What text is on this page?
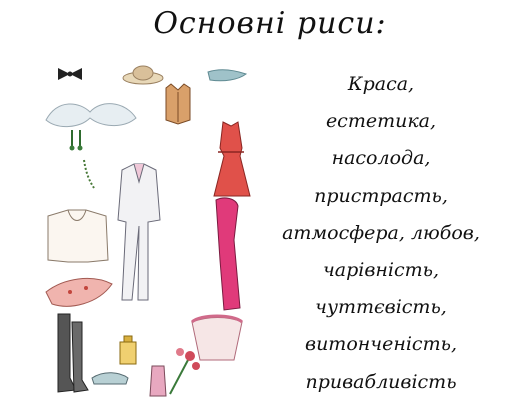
Основні риси:
Краса,
естетика,
насолода,
пристрасть,
атмосфера, любов,
чарівність,
чуттєвість,
витонченість,
привабливість
